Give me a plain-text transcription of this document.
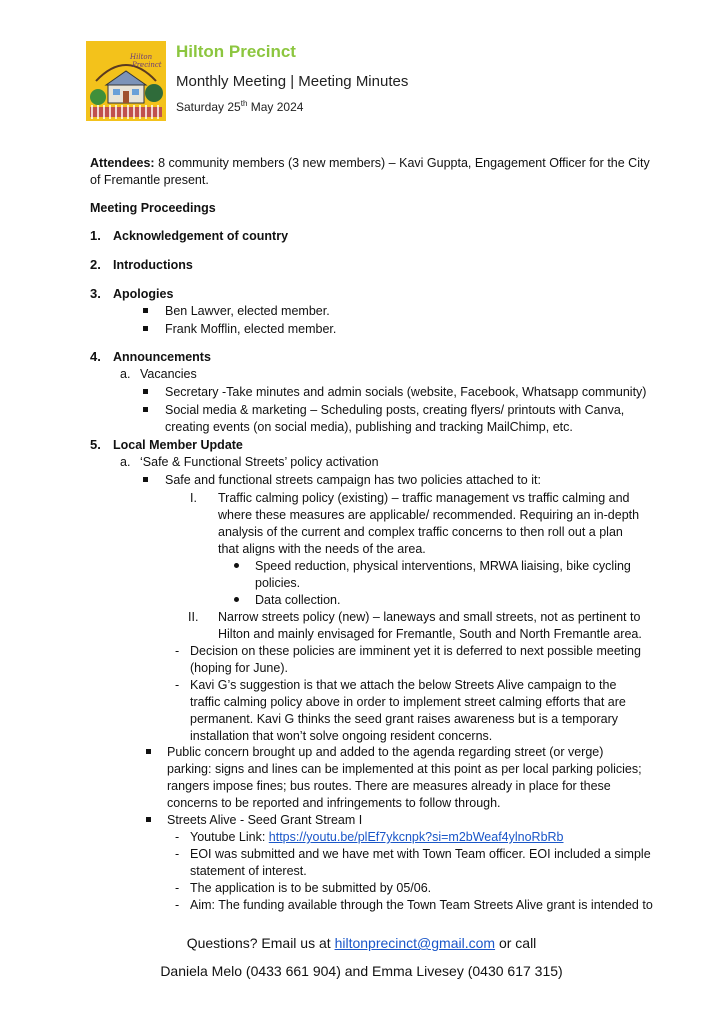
Hilton
Precinct
Hilton Precinct
Monthly Meeting | Meeting Minutes
Saturday 25th May 2024
Attendees: 8 community members (3 new members) – Kavi Guppta, Engagement Officer for the City
of Fremantle present.
Meeting Proceedings
1. Acknowledgement of country
2. Introductions
3. Apologies
Ben Lawver, elected member.
Frank Mofflin, elected member.
4. Announcements
a. Vacancies
Secretary -Take minutes and admin socials (website, Facebook, Whatsapp community)
Social media & marketing – Scheduling posts, creating flyers/ printouts with Canva,
creating events (on social media), publishing and tracking MailChimp, etc.
5. Local Member Update
a. ‘Safe & Functional Streets’ policy activation
Safe and functional streets campaign has two policies attached to it:
I. Traffic calming policy (existing) – traffic management vs traffic calming and
where these measures are applicable/ recommended. Requiring an in-depth
analysis of the current and complex traffic concerns to then roll out a plan
that aligns with the needs of the area.
Speed reduction, physical interventions, MRWA liaising, bike cycling
policies.
Data collection.
II. Narrow streets policy (new) – laneways and small streets, not as pertinent to
Hilton and mainly envisaged for Fremantle, South and North Fremantle area.
- Decision on these policies are imminent yet it is deferred to next possible meeting
(hoping for June).
- Kavi G’s suggestion is that we attach the below Streets Alive campaign to the
traffic calming policy above in order to implement street calming efforts that are
permanent. Kavi G thinks the seed grant raises awareness but is a temporary
installation that won’t solve ongoing resident concerns.
Public concern brought up and added to the agenda regarding street (or verge)
parking: signs and lines can be implemented at this point as per local parking policies;
rangers impose fines; bus routes. There are measures already in place for these
concerns to be reported and infringements to follow through.
Streets Alive - Seed Grant Stream I
- Youtube Link: https://youtu.be/plEf7ykcnpk?si=m2bWeaf4ylnoRbRb
- EOI was submitted and we have met with Town Team officer. EOI included a simple
statement of interest.
- The application is to be submitted by 05/06.
- Aim: The funding available through the Town Team Streets Alive grant is intended to
Questions? Email us at hiltonprecinct@gmail.com or call
Daniela Melo (0433 661 904) and Emma Livesey (0430 617 315)
